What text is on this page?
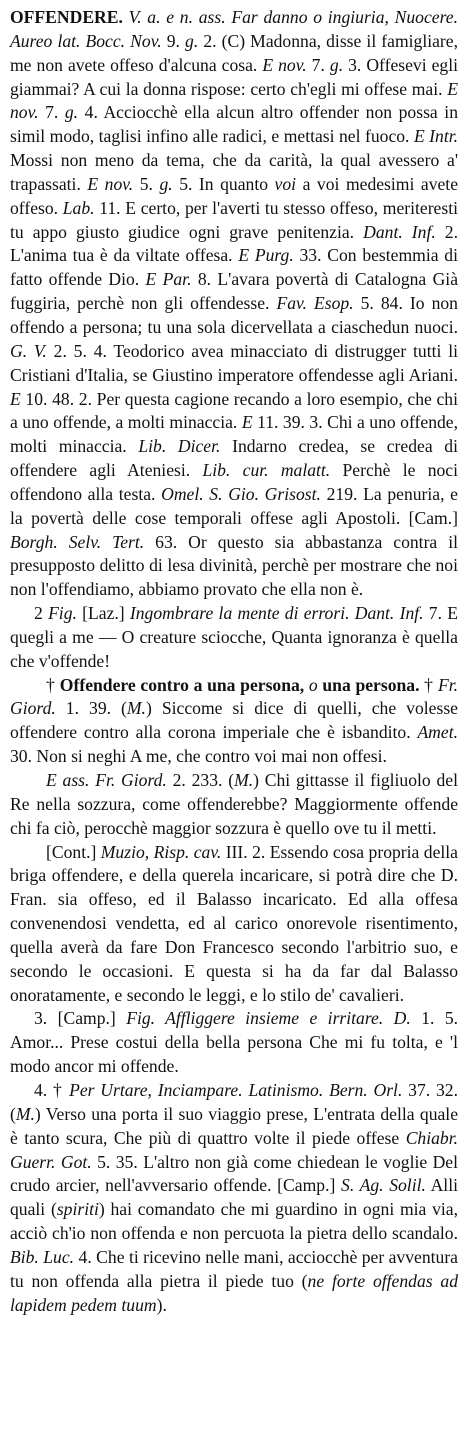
OFFENDERE. V. a. e n. ass. Far danno o ingiuria, Nuocere. Aureo lat. Bocc. Nov. 9. g. 2. (C) Madonna, disse il famigliare, me non avete offeso d'alcuna cosa. E nov. 7. g. 3. Offesevi egli giammai? A cui la donna rispose: certo ch'egli mi offese mai. E nov. 7. g. 4. Acciocchè ella alcun altro offender non possa in simil modo, taglisi infino alle radici, e mettasi nel fuoco. E Intr. Mossi non meno da tema, che da carità, la qual avessero a' trapassati. E nov. 5. g. 5. In quanto voi a voi medesimi avete offeso. Lab. 11. E certo, per l'averti tu stesso offeso, meriteresti tu appo giusto giudice ogni grave penitenzia. Dant. Inf. 2. L'anima tua è da viltate offesa. E Purg. 33. Con bestemmia di fatto offende Dio. E Par. 8. L'avara povertà di Catalogna Già fuggiria, perchè non gli offendesse. Fav. Esop. 5. 84. Io non offendo a persona; tu una sola dicervellata a ciaschedun nuoci. G. V. 2. 5. 4. Teodorico avea minacciato di distrugger tutti li Cristiani d'Italia, se Giustino imperatore offendesse agli Ariani. E 10. 48. 2. Per questa cagione recando a loro esempio, che chi a uno offende, a molti minaccia. E 11. 39. 3. Chi a uno offende, molti minaccia. Lib. Dicer. Indarno credea, se credea di offendere agli Ateniesi. Lib. cur. malatt. Perchè le noci offendono alla testa. Omel. S. Gio. Grisost. 219. La penuria, e la povertà delle cose temporali offese agli Apostoli. [Cam.] Borgh. Selv. Tert. 63. Or questo sia abbastanza contra il presupposto delitto di lesa divinità, perchè per mostrare che noi non l'offendiamo, abbiamo provato che ella non è.

2 Fig. [Laz.] Ingombrare la mente di errori. Dant. Inf. 7. E quegli a me — O creature sciocche, Quanta ignoranza è quella che v'offende!

† Offendere contro a una persona, o una persona. † Fr. Giord. 1. 39. (M.) Siccome si dice di quelli, che volesse offendere contro alla corona imperiale che è isbandito. Amet. 30. Non si neghi A me, che contro voi mai non offesi.

E ass. Fr. Giord. 2. 233. (M.) Chi gittasse il figliuolo del Re nella sozzura, come offenderebbe? Maggiormente offende chi fa ciò, perocchè maggior sozzura è quello ove tu il metti.

[Cont.] Muzio, Risp. cav. III. 2. Essendo cosa propria della briga offendere, e della querela incaricare, si potrà dire che D. Fran. sia offeso, ed il Balasso incaricato. Ed alla offesa convenendosi vendetta, ed al carico onorevole risentimento, quella averà da fare Don Francesco secondo l'arbitrio suo, e secondo le occasioni. E questa si ha da far dal Balasso onoratamente, e secondo le leggi, e lo stilo de' cavalieri.

3. [Camp.] Fig. Affliggere insieme e irritare. D. 1. 5. Amor... Prese costui della bella persona Che mi fu tolta, e 'l modo ancor mi offende.

4. † Per Urtare, Inciampare. Latinismo. Bern. Orl. 37. 32. (M.) Verso una porta il suo viaggio prese, L'entrata della quale è tanto scura, Che più di quattro volte il piede offese Chiabr. Guerr. Got. 5. 35. L'altro non già come chiedean le voglie Del crudo arcier, nell'avversario offende. [Camp.] S. Ag. Solil. Alli quali (spiriti) hai comandato che mi guardino in ogni mia via, acciò ch'io non offenda e non percuota la pietra dello scandalo. Bib. Luc. 4. Che ti ricevino nelle mani, acciocchè per avventura tu non offenda alla pietra il piede tuo (ne forte offendas ad lapidem pedem tuum).
